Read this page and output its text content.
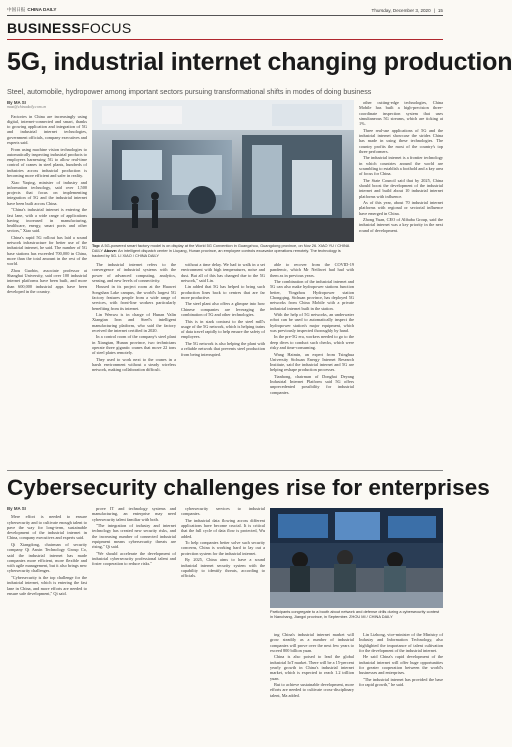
中国日报 CHINA DAILY	Thursday, December 3, 2020 | 15
BUSINESSFOCUS
5G, industrial internet changing production
Steel, automobile, hydropower among important sectors pursuing transformational shifts in modes of doing business
By MA SI
masi@chinadaily.com.cn

Factories in China are increasingly using digital, internet-connected and smart, thanks to growing application and integration of 5G and industrial internet technologies, government officials, company executives and experts said.

From using machine vision technologies to automatically inspecting industrial products to employees harnessing 5G to allow real-time control of cranes in steel plants, hundreds of industries across industrial production is becoming more efficient and safer in reality.

Xiao Yaqing, minister of industry and information technology, said over 1,500 projects that focus on implementing integration of 5G and the industrial internet have been built across China.

"China's industrial internet is entering the fast lane, with a wide range of applications having increased in manufacturing, healthcare, energy, smart ports and other sectors," Xiao said.

China's rapid 5G rollout has laid a sound network infrastructure for better use of the industrial internet, he said. The number of 5G base stations has exceeded 700,000 in China, more than the total amount in the rest of the world.

Zhou Guobin, associate professor at Shanghai University, said over 100 industrial internet platforms have been built, and more than 600,000 industrial apps have been developed in the country.

Top: A 5G-powered smart factory model is on display at the World 5G Convention in Guangzhou, Guangdong province, on Nov 26. XIAO YU / CHINA DAILY Above: An intelligent dispatch center in Liuyang, Hunan province, an employee controls excavator operations remotely. The technology is backed by 5G. LI XIAO / CHINA DAILY

The industrial internet refers to the convergence of industrial systems with the power of advanced computing, analytics, sensing, and new levels of connectivity.

Housed in its project room at the Huawei Songshan Lake campus, the world's largest 5G factory features people from a wide range of services, with front-line workers particularly benefiting from its internet.

Lin Wenwu is in charge of Hunan Valin Xiangtan Iron and Steel's intelligent manufacturing platform, who said the factory received the internet certified in 2020.

In a control room of the company's steel plant in Xiangtan, Hunan province, two technicians operate three gigantic cranes that move 22 tons of steel plates remotely.

They used to work next to the cranes in a harsh environment without a steady wireless network, making collaboration difficult.

without a time delay. We had to walk in a set environment with high temperatures, noise and dust. But all of this has changed due to the 5G network," said Lin.

Lin added that 5G has helped to bring such production lines back to centres that are far more productive.

The steel plant also offers a glimpse into how Chinese companies are leveraging the combination of 5G and other technologies.

This is in stark contrast to the steel mill's usage of the 5G network, which is helping trains of data travel rapidly to help ensure the safety of employees.

The 5G network is also helping the plant with a reliable network that prevents steel production from being interrupted.

able to recover from the COVID-19 pandemic, which Mr Neiliwei had had with them as in previous years.

The combination of the industrial internet and 5G can also make hydropower stations function better, Yingzhou Hydropower station Chongqing, Sichuan province, has deployed 5G networks from China Mobile with a private industrial internet built in the station.

With the help of 5G networks, an underwater robot can be used to automatically inspect the hydropower station's major equipment, which was previously inspected thoroughly by hand.

In the pre-5G era, workers needed to go to the deep dives to conduct such checks, which were risky and time-consuming.

Wang Haimin, an expert from Tsinghua University Sichuan Energy Internet Research Institute, said the industrial internet and 5G are helping reshape production processes.

Tianhong, chairman of Donghai Deyang Industrial Internet Platform said 5G offers unprecedented possibility for industrial companies.

other cutting-edge technologies, China Mobile has built a high-precision three-coordinate inspection system that uses simultaneous 5G streams, which are ticking at 1%.

Three real-use applications of 5G and the industrial internet showcase the strides China has made in using these technologies. The country profits the most of the country's top three performers.

The industrial internet is a frontier technology in which countries around the world are scrambling to establish a foothold and a key area of focus for China.

The State Council said that by 2025, China should boost the development of the industrial internet and build about 10 industrial internet platforms with influence.

As of this year, about 70 industrial internet platforms with regional or sectorial influence have emerged in China.

Zhong Yuan, CEO of Alibaba Group, said the industrial internet was a key priority in the next round of development.

Cybersecurity challenges rise for enterprises
By MA SI

Mere effort is needed to ensure cybersecurity and to cultivate enough talent to pave the way for long-term, sustainable development of the industrial internet in China, company executives and experts said.

Qi Xiangdong, chairman of security company Qi Anxin Technology Group Co, said the industrial internet has made companies more efficient, more flexible and with agile management, but it also brings new cybersecurity challenges.

"Cybersecurity is the top challenge for the industrial internet, which is entering the fast lane in China, and more efforts are needed to ensure safe development," Qi said.

prove IT and technology systems and manufacturing, an enterprise may need cybersecurity talent familiar with both.

"The integration of industry and internet technology has created new security risks, and the increasing number of connected industrial equipment means cybersecurity threats are rising," Qi said.

"We should accelerate the development of industrial cybersecurity professional talent and foster cooperation to reduce risks."

cybersecurity services to industrial companies.

The industrial data flowing across different applications have become crucial. It is critical that the full cycle of data flow is protected, Wu added.

To help companies better solve such security concerns, China is working hard to lay out a protection system for the industrial internet.

By 2025, China aims to have a sound industrial internet security system with the capability to identify threats, according to officials.

Participants congregate to a booth about network and defense drills during a cybersecurity contest in Nanchang, Jiangxi province, in September. ZHOU MI / CHINA DAILY

ing China's industrial internet market will grow steadily as a number of industrial companies will prove over the next few years to exceed 800 billion yuan.

China is also poised to lead the global industrial IoT market. There will be a 15-percent yearly growth in China's industrial internet market, which is expected to reach 1.2 trillion yuan.

But to achieve sustainable development, more efforts are needed to cultivate cross-disciplinary talent, Ma added.

Lin Lizhong, vice-minister of the Ministry of Industry and Information Technology, also highlighted the importance of talent cultivation for the development of the industrial internet.

He said China's rapid development of the industrial internet will offer huge opportunities for greater cooperation between the world's businesses and enterprises.

"The industrial internet has provided the base for rapid growth," he said.
